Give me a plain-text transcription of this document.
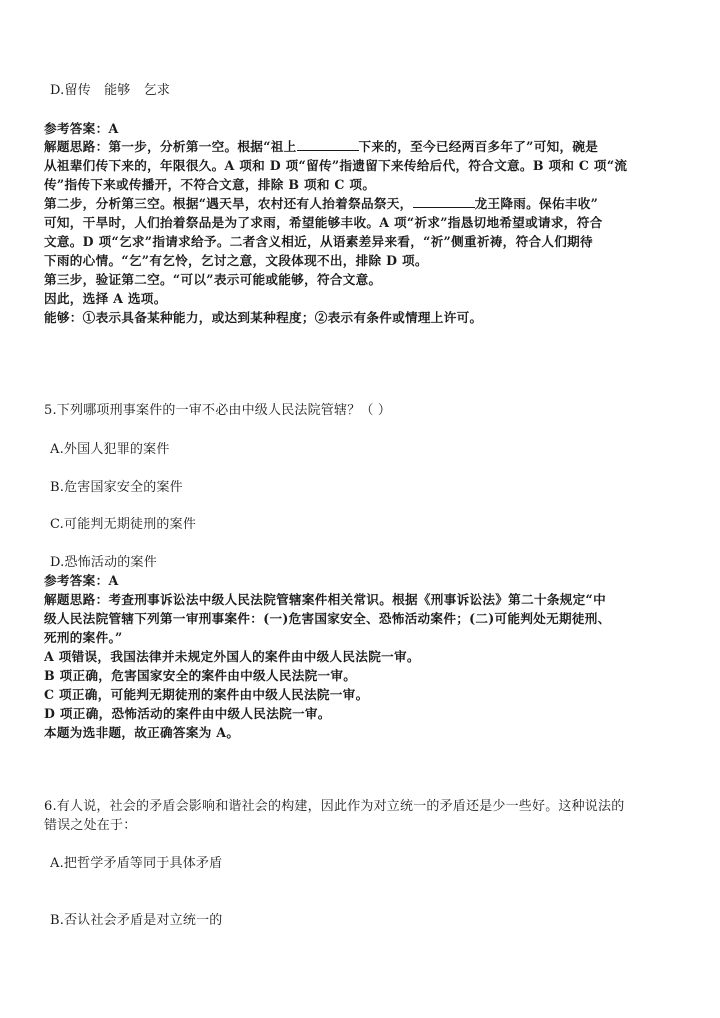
D.留传　能够　乞求
参考答案：A
解题思路：第一步，分析第一空。根据“祖上	下来的，至今已经两百多年了”可知，碗是
从祖辈们传下来的，年限很久。A 项和 D 项“留传”指遗留下来传给后代，符合文意。B 项和 C 项“流
传”指传下来或传播开，不符合文意，排除 B 项和 C 项。
第二步，分析第三空。根据“遇天旱，农村还有人抬着祭品祭天，	龙王降雨。保佑丰收”
可知，干旱时，人们抬着祭品是为了求雨，希望能够丰收。A 项“祈求”指恳切地希望或请求，符合
文意。D 项“乞求”指请求给予。二者含义相近，从语素差异来看，“祈”侧重祈祷，符合人们期待
下雨的心情。“乞”有乞怜，乞讨之意，文段体现不出，排除 D 项。
第三步，验证第二空。“可以”表示可能或能够，符合文意。
因此，选择 A 选项。
能够：①表示具备某种能力，或达到某种程度；②表示有条件或情理上许可。
5.下列哪项刑事案件的一审不必由中级人民法院管辖？（ ）
A.外国人犯罪的案件
B.危害国家安全的案件
C.可能判无期徒刑的案件
D.恐怖活动的案件
参考答案：A
解题思路：考查刑事诉讼法中级人民法院管辖案件相关常识。根据《刑事诉讼法》第二十条规定“中
级人民法院管辖下列第一审刑事案件：(一)危害国家安全、恐怖活动案件；(二)可能判处无期徒刑、
死刑的案件。”
A 项错误，我国法律并未规定外国人的案件由中级人民法院一审。
B 项正确，危害国家安全的案件由中级人民法院一审。
C 项正确，可能判无期徒刑的案件由中级人民法院一审。
D 项正确，恐怖活动的案件由中级人民法院一审。
本题为选非题，故正确答案为 A。
6.有人说，社会的矛盾会影响和谐社会的构建，因此作为对立统一的矛盾还是少一些好。这种说法的
错误之处在于：
A.把哲学矛盾等同于具体矛盾
B.否认社会矛盾是对立统一的
